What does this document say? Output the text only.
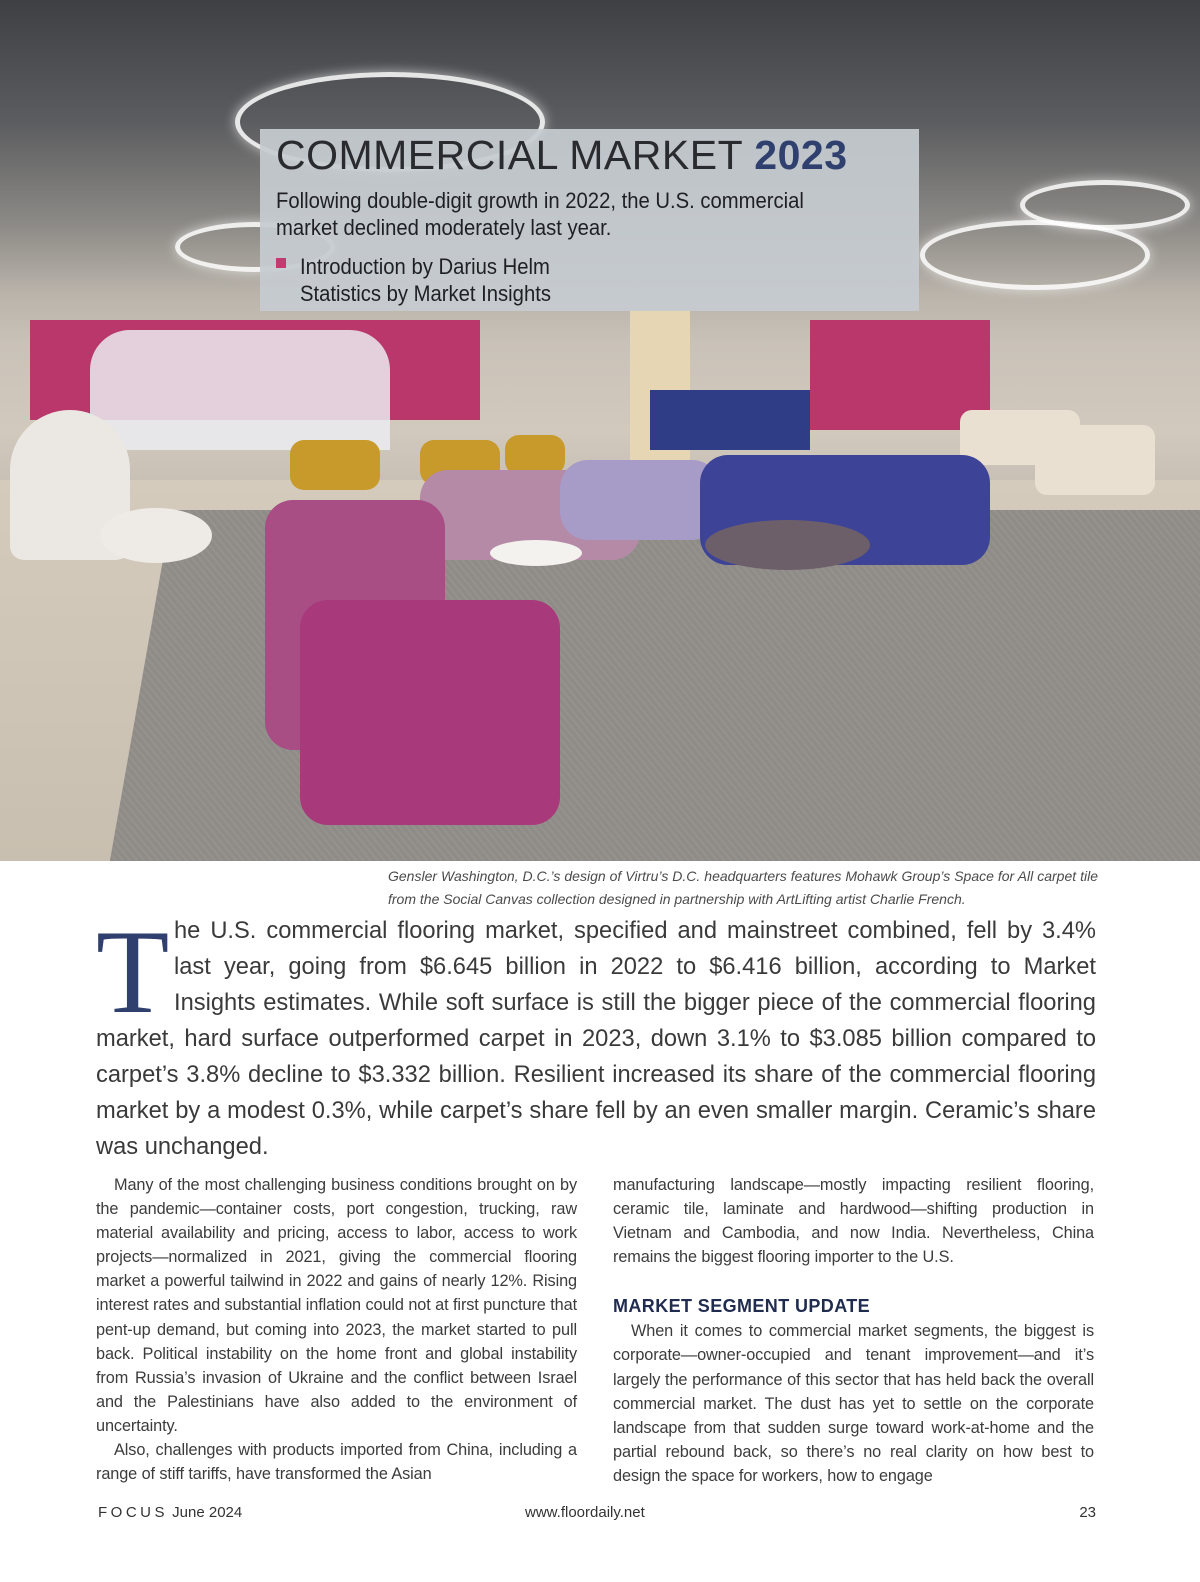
COMMERCIAL MARKET 2023
Following double-digit growth in 2022, the U.S. commercial market declined moderately last year.
Introduction by Darius Helm
Statistics by Market Insights
Gensler Washington, D.C.’s design of Virtru’s D.C. headquarters features Mohawk Group’s Space for All carpet tile from the Social Canvas collection designed in partnership with ArtLifting artist Charlie French.
T he U.S. commercial flooring market, specified and mainstreet combined, fell by 3.4% last year, going from $6.645 billion in 2022 to $6.416 billion, according to Market Insights estimates. While soft surface is still the bigger piece of the commercial flooring market, hard surface outperformed carpet in 2023, down 3.1% to $3.085 billion compared to carpet’s 3.8% decline to $3.332 billion. Resilient increased its share of the commercial flooring market by a modest 0.3%, while carpet’s share fell by an even smaller margin. Ceramic’s share was unchanged.

Many of the most challenging business conditions brought on by the pandemic—container costs, port congestion, trucking, raw material availability and pricing, access to labor, access to work projects—normalized in 2021, giving the commercial flooring market a powerful tailwind in 2022 and gains of nearly 12%. Rising interest rates and substantial inflation could not at first puncture that pent-up demand, but coming into 2023, the market started to pull back. Political instability on the home front and global instability from Russia’s invasion of Ukraine and the conflict between Israel and the Palestinians have also added to the environment of uncertainty.

Also, challenges with products imported from China, including a range of stiff tariffs, have transformed the Asian

manufacturing landscape—mostly impacting resilient flooring, ceramic tile, laminate and hardwood—shifting production in Vietnam and Cambodia, and now India. Nevertheless, China remains the biggest flooring importer to the U.S.

MARKET SEGMENT UPDATE

When it comes to commercial market segments, the biggest is corporate—owner-occupied and tenant improvement—and it’s largely the performance of this sector that has held back the overall commercial market. The dust has yet to settle on the corporate landscape from that sudden surge toward work-at-home and the partial rebound back, so there’s no real clarity on how best to design the space for workers, how to engage

FOCUS June 2024	www.floordaily.net	23
